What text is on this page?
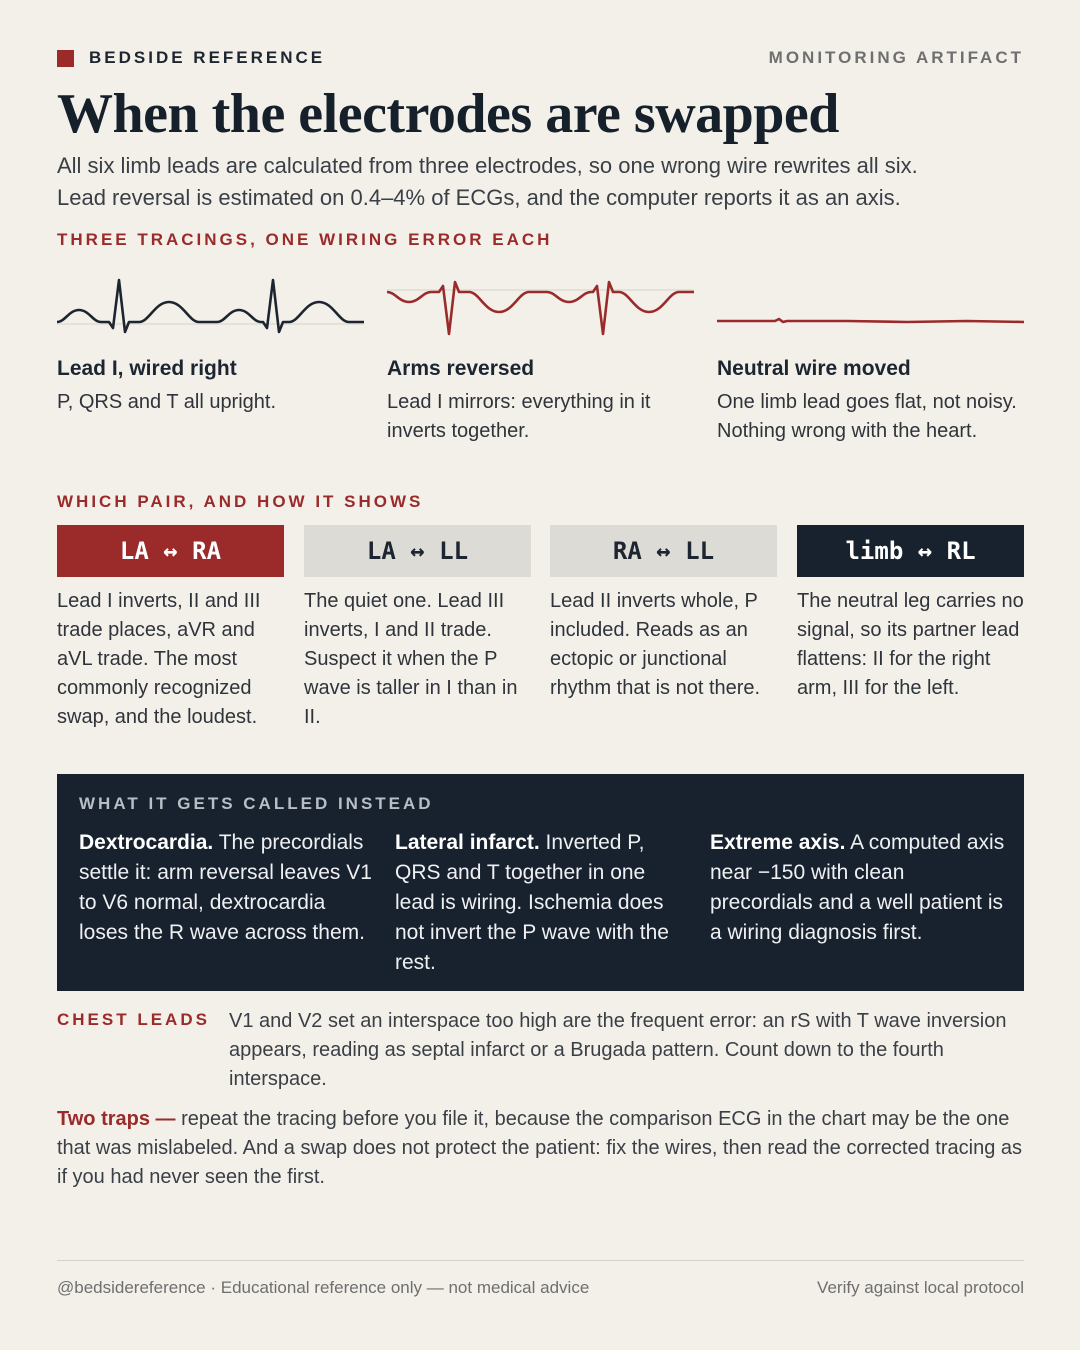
BEDSIDE REFERENCE	MONITORING ARTIFACT
When the electrodes are swapped

All six limb leads are calculated from three electrodes, so one wrong wire rewrites all six.

Lead reversal is estimated on 0.4–4% of ECGs, and the computer reports it as an axis.

THREE TRACINGS, ONE WIRING ERROR EACH
Lead I, wired right
P, QRS and T all upright.
Arms reversed
Lead I mirrors: everything in it inverts together.
Neutral wire moved
One limb lead goes flat, not noisy. Nothing wrong with the heart.
WHICH PAIR, AND HOW IT SHOWS
LA ↔ RA
Lead I inverts, II and III trade places, aVR and aVL trade. The most commonly recognized swap, and the loudest.
LA ↔ LL
The quiet one. Lead III inverts, I and II trade. Suspect it when the P wave is taller in I than in II.
RA ↔ LL
Lead II inverts whole, P included. Reads as an ectopic or junctional rhythm that is not there.
limb ↔ RL
The neutral leg carries no signal, so its partner lead flattens: II for the right arm, III for the left.
WHAT IT GETS CALLED INSTEAD
Dextrocardia. The precordials settle it: arm reversal leaves V1 to V6 normal, dextrocardia loses the R wave across them.
Lateral infarct. Inverted P, QRS and T together in one lead is wiring. Ischemia does not invert the P wave with the rest.
Extreme axis. A computed axis near −150 with clean precordials and a well patient is a wiring diagnosis first.
CHEST LEADS V1 and V2 set an interspace too high are the frequent error: an rS with T wave inversion appears, reading as septal infarct or a Brugada pattern. Count down to the fourth interspace.
Two traps — repeat the tracing before you file it, because the comparison ECG in the chart may be the one that was mislabeled. And a swap does not protect the patient: fix the wires, then read the corrected tracing as if you had never seen the first.
@bedsidereference · Educational reference only — not medical advice	Verify against local protocol
